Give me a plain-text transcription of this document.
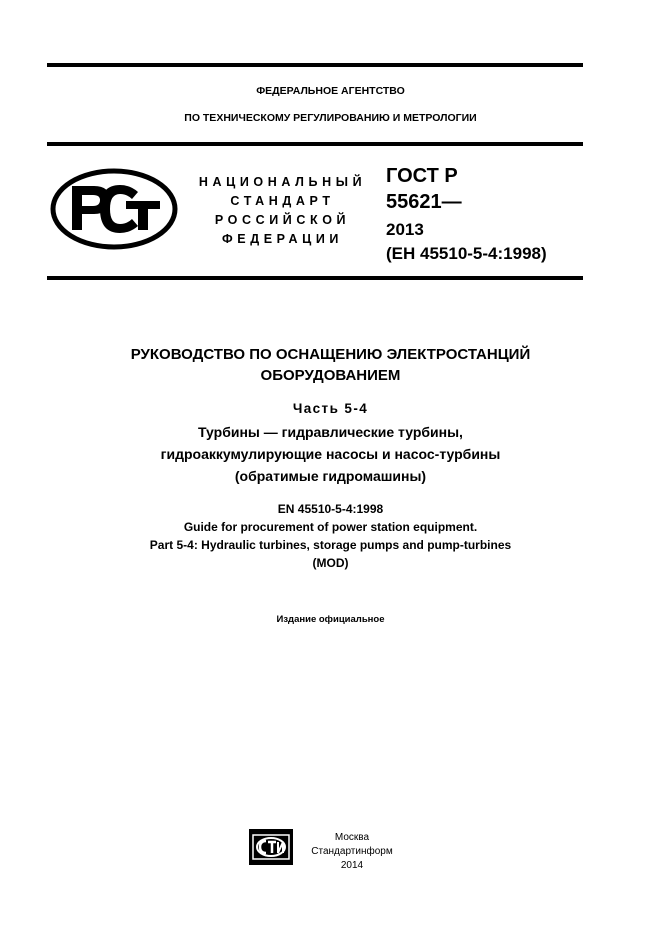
ФЕДЕРАЛЬНОЕ АГЕНТСТВО
ПО ТЕХНИЧЕСКОМУ РЕГУЛИРОВАНИЮ И МЕТРОЛОГИИ
НАЦИОНАЛЬНЫЙ
СТАНДАРТ
РОССИЙСКОЙ
ФЕДЕРАЦИИ
ГОСТ Р
55621—
2013
(ЕН 45510-5-4:1998)
РУКОВОДСТВО ПО ОСНАЩЕНИЮ ЭЛЕКТРОСТАНЦИЙ
ОБОРУДОВАНИЕМ
Часть 5-4
Турбины — гидравлические турбины,
гидроаккумулирующие насосы и насос-турбины
(обратимые гидромашины)
EN 45510-5-4:1998
Guide for procurement of power station equipment.
Part 5-4: Hydraulic turbines, storage pumps and pump-turbines
(MOD)
Издание официальное
Москва
Стандартинформ
2014
